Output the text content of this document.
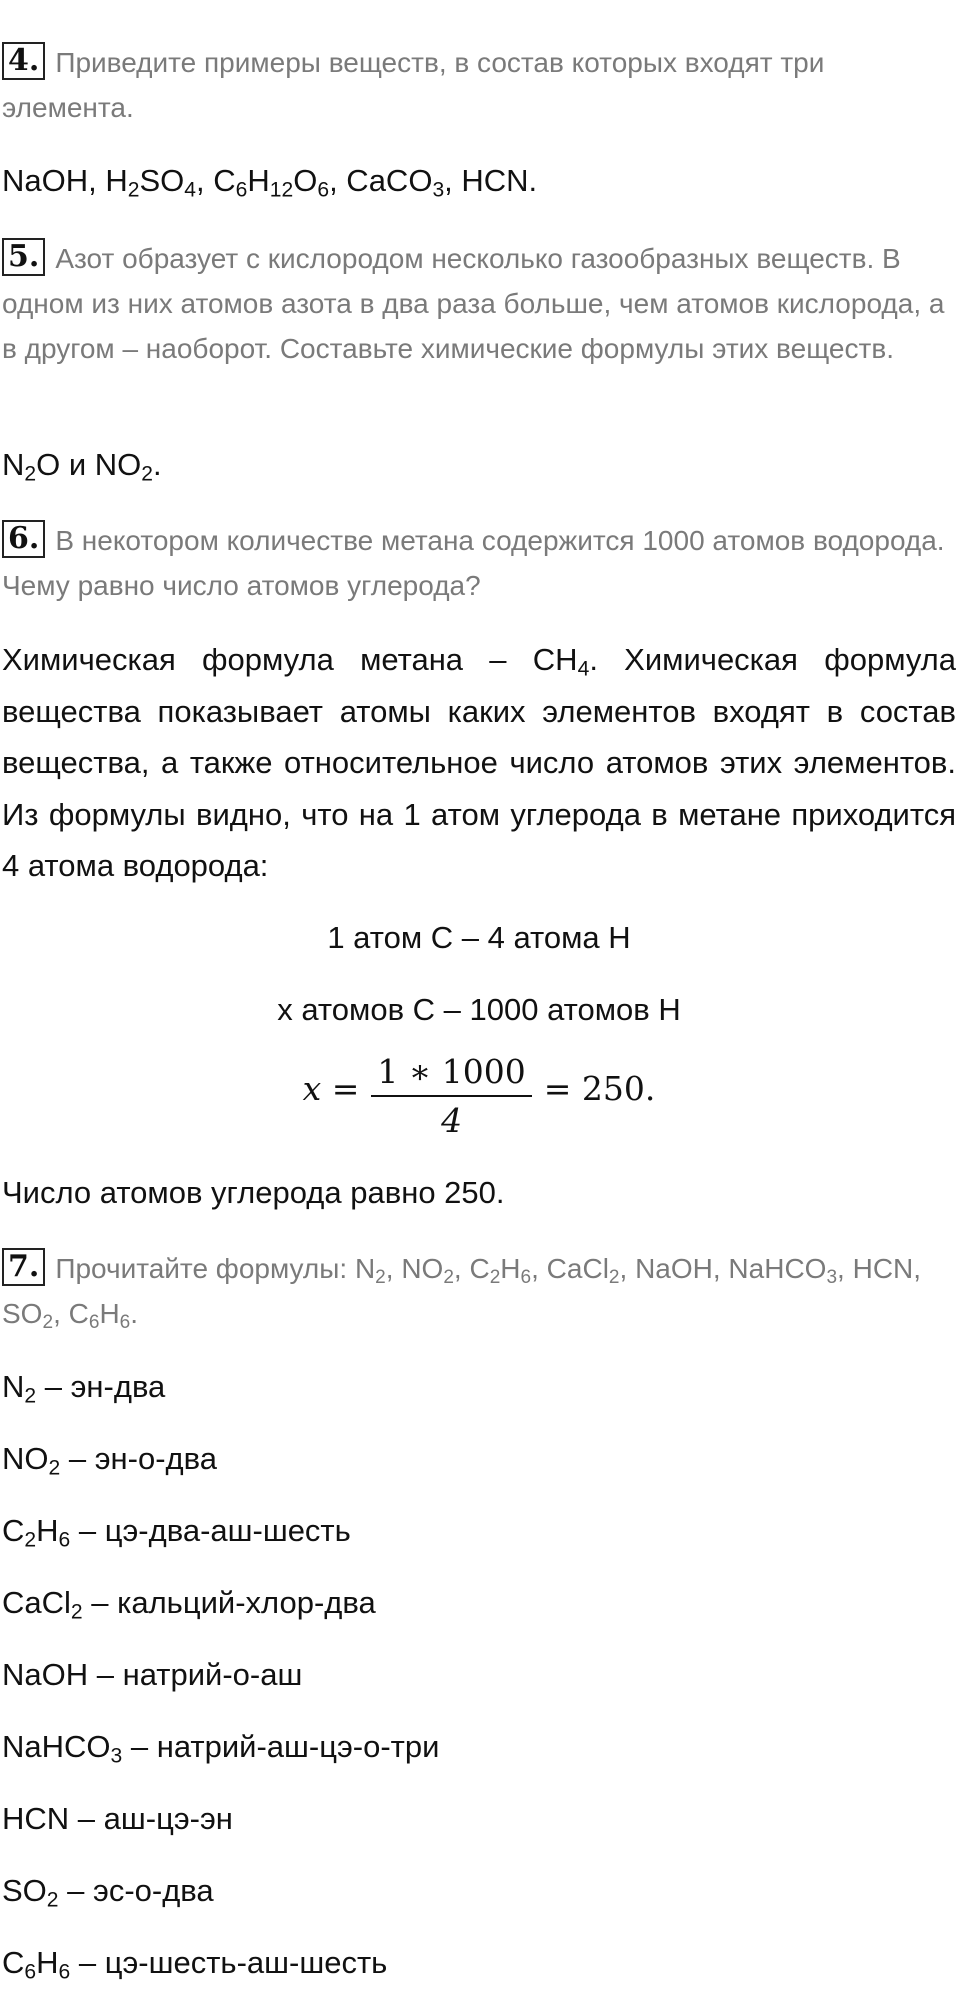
4. Приведите примеры веществ, в состав которых входят три элемента.
NaOH, $H_2SO_4$, $C_6H_{12}O_6$, CaCO$_3$, HCN.
5. Азот образует с кислородом несколько газообразных веществ. В одном из них атомов азота в два раза больше, чем атомов кислорода, а в другом – наоборот. Составьте химические формулы этих веществ.
$N_2O$ и $NO_2$.
6. В некотором количестве метана содержится 1000 атомов водорода. Чему равно число атомов углерода?
Химическая формула метана – $CH_4$. Химическая формула вещества показывает атомы каких элементов входят в состав вещества, а также относительное число атомов этих элементов. Из формулы видно, что на 1 атом углерода в метане приходится 4 атома водорода:
1 атом C – 4 атома H
x атомов C – 1000 атомов H
$x = \frac{1 ∗ 1000}{4} = 250$.
Число атомов углерода равно 250.
7. Прочитайте формулы: $N_2$, $NO_2$, $C_2H_6$, CaCl$_2$, NaOH, NaHCO$_3$, HCN, $SO_2$, $C_6H_6$.
$N_2 - эн-два$
$NO_2 - эн-о-два$
$C_2H_6$ – цэ-два-аш-шесть
CaCl$_2$ – кальций-хлор-два
NaOH – натрий-о-аш
NaHCO$_3$ – натрий-аш-цэ-о-три
HCN – аш-цэ-эн
$SO_2 - эс-о-два$
$C_6H_6$ – цэ-шесть-аш-шесть
